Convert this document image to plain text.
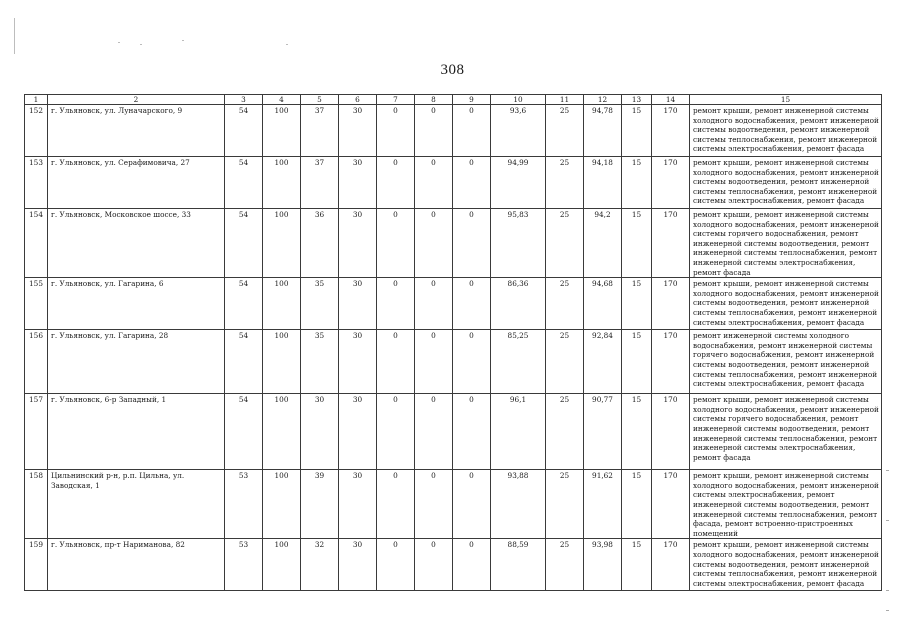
308
1	2	3	4	5	6	7	8	9	10	11	12	13	14	15
152	г. Ульяновск, ул. Луначарского, 9	54	100	37	30	0	0	0	93,6	25	94,78	15	170	ремонт крыши, ремонт инженерной системы холодного водоснабжения, ремонт инженерной системы водоотведения, ремонт инженерной системы теплоснабжения, ремонт инженерной системы электроснабжения, ремонт фасада
153	г. Ульяновск, ул. Серафимовича, 27	54	100	37	30	0	0	0	94,99	25	94,18	15	170	ремонт крыши, ремонт инженерной системы холодного водоснабжения, ремонт инженерной системы водоотведения, ремонт инженерной системы теплоснабжения, ремонт инженерной системы электроснабжения, ремонт фасада
154	г. Ульяновск, Московское шоссе, 33	54	100	36	30	0	0	0	95,83	25	94,2	15	170	ремонт крыши, ремонт инженерной системы холодного водоснабжения, ремонт инженерной системы горячего водоснабжения, ремонт инженерной системы водоотведения, ремонт инженерной системы теплоснабжения, ремонт инженерной системы электроснабжения, ремонт фасада
155	г. Ульяновск, ул. Гагарина, 6	54	100	35	30	0	0	0	86,36	25	94,68	15	170	ремонт крыши, ремонт инженерной системы холодного водоснабжения, ремонт инженерной системы водоотведения, ремонт инженерной системы теплоснабжения, ремонт инженерной системы электроснабжения, ремонт фасада
156	г. Ульяновск, ул. Гагарина, 28	54	100	35	30	0	0	0	85,25	25	92,84	15	170	ремонт инженерной системы холодного водоснабжения, ремонт инженерной системы горячего водоснабжения, ремонт инженерной системы водоотведения, ремонт инженерной системы теплоснабжения, ремонт инженерной системы электроснабжения, ремонт фасада
157	г. Ульяновск, 6-р Западный, 1	54	100	30	30	0	0	0	96,1	25	90,77	15	170	ремонт крыши, ремонт инженерной системы холодного водоснабжения, ремонт инженерной системы горячего водоснабжения, ремонт инженерной системы водоотведения, ремонт инженерной системы теплоснабжения, ремонт инженерной системы электроснабжения, ремонт фасада
158	Цильнинский р-н, р.п. Цильна, ул. Заводская, 1	53	100	39	30	0	0	0	93,88	25	91,62	15	170	ремонт крыши, ремонт инженерной системы холодного водоснабжения, ремонт инженерной системы электроснабжения, ремонт инженерной системы водоотведения, ремонт инженерной системы теплоснабжения, ремонт фасада, ремонт встроенно-пристроенных помещений
159	г. Ульяновск, пр-т Нариманова, 82	53	100	32	30	0	0	0	88,59	25	93,98	15	170	ремонт крыши, ремонт инженерной системы холодного водоснабжения, ремонт инженерной системы водоотведения, ремонт инженерной системы теплоснабжения, ремонт инженерной системы электроснабжения, ремонт фасада
